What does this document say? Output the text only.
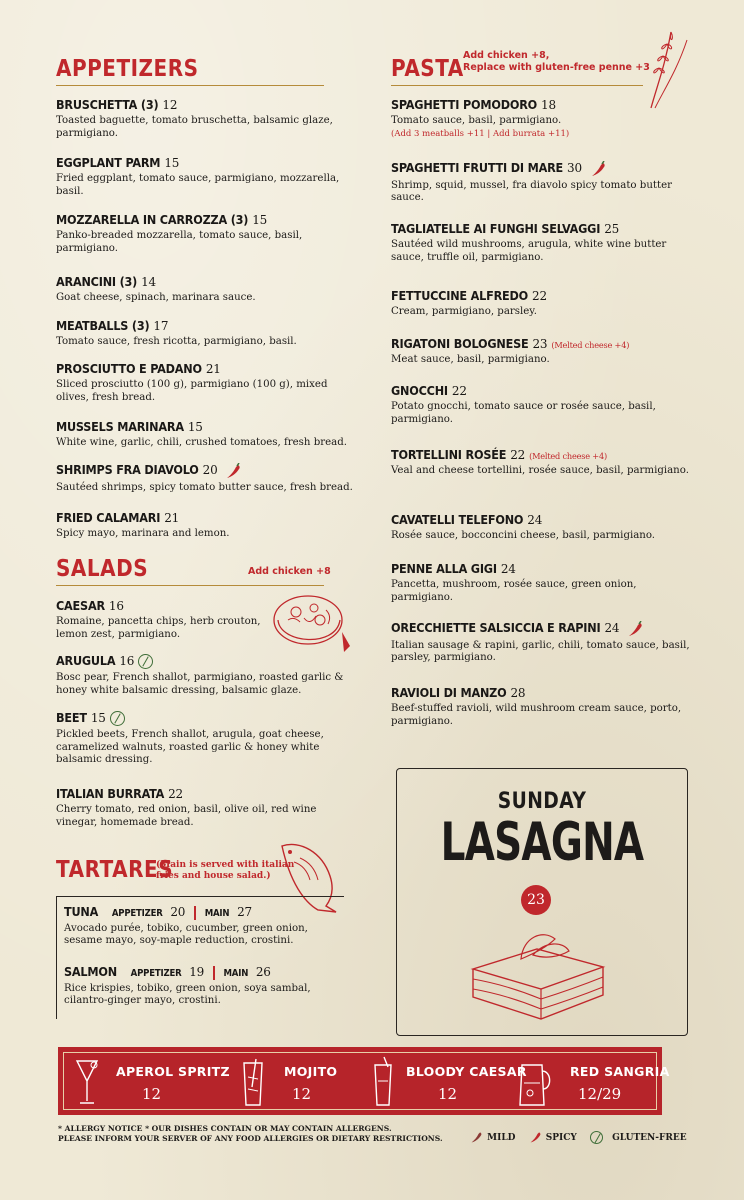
APPETIZERS
BRUSCHETTA (3) 12
Toasted baguette, tomato bruschetta, balsamic glaze, parmigiano.
EGGPLANT PARM 15
Fried eggplant, tomato sauce, parmigiano, mozzarella, basil.
MOZZARELLA IN CARROZZA (3) 15
Panko-breaded mozzarella, tomato sauce, basil, parmigiano.
ARANCINI (3) 14
Goat cheese, spinach, marinara sauce.
MEATBALLS (3) 17
Tomato sauce, fresh ricotta, parmigiano, basil.
PROSCIUTTO E PADANO 21
Sliced prosciutto (100 g), parmigiano (100 g), mixed olives, fresh bread.
MUSSELS MARINARA 15
White wine, garlic, chili, crushed tomatoes, fresh bread.
SHRIMPS FRA DIAVOLO 20
Sautéed shrimps, spicy tomato butter sauce, fresh bread.
FRIED CALAMARI 21
Spicy mayo, marinara and lemon.
SALADS	Add chicken +8
CAESAR 16
Romaine, pancetta chips, herb crouton, lemon zest, parmigiano.
ARUGULA 16
Bosc pear, French shallot, parmigiano, roasted garlic & honey white balsamic dressing, balsamic glaze.
BEET 15
Pickled beets, French shallot, arugula, goat cheese, caramelized walnuts, roasted garlic & honey white balsamic dressing.
ITALIAN BURRATA 22
Cherry tomato, red onion, basil, olive oil, red wine vinegar, homemade bread.
TARTARES
(Main is served with italian fries and house salad.)
TUNA APPETIZER 20 MAIN 27
Avocado purée, tobiko, cucumber, green onion, sesame mayo, soy-maple reduction, crostini.
SALMON APPETIZER 19 MAIN 26
Rice krispies, tobiko, green onion, soya sambal, cilantro-ginger mayo, crostini.
PASTA Add chicken +8,
Replace with gluten-free penne +3
SPAGHETTI POMODORO 18
Tomato sauce, basil, parmigiano.
(Add 3 meatballs +11 | Add burrata +11)
SPAGHETTI FRUTTI DI MARE 30
Shrimp, squid, mussel, fra diavolo spicy tomato butter sauce.
TAGLIATELLE AI FUNGHI SELVAGGI 25
Sautéed wild mushrooms, arugula, white wine butter sauce, truffle oil, parmigiano.
FETTUCCINE ALFREDO 22
Cream, parmigiano, parsley.
RIGATONI BOLOGNESE 23 (Melted cheese +4)
Meat sauce, basil, parmigiano.
GNOCCHI 22
Potato gnocchi, tomato sauce or rosée sauce, basil, parmigiano.
TORTELLINI ROSÉE 22 (Melted cheese +4)
Veal and cheese tortellini, rosée sauce, basil, parmigiano.
CAVATELLI TELEFONO 24
Rosée sauce, bocconcini cheese, basil, parmigiano.
PENNE ALLA GIGI 24
Pancetta, mushroom, rosée sauce, green onion, parmigiano.
ORECCHIETTE SALSICCIA E RAPINI 24
Italian sausage & rapini, garlic, chili, tomato sauce, basil, parsley, parmigiano.
RAVIOLI DI MANZO 28
Beef-stuffed ravioli, wild mushroom cream sauce, porto, parmigiano.
SUNDAY
LASAGNA
23
APEROL SPRITZ
12
MOJITO
12
BLOODY CAESAR
12
RED SANGRIA
12/29
* ALLERGY NOTICE * OUR DISHES CONTAIN OR MAY CONTAIN ALLERGENS.
PLEASE INFORM YOUR SERVER OF ANY FOOD ALLERGIES OR DIETARY RESTRICTIONS.	MILD	SPICY	GLUTEN-FREE
